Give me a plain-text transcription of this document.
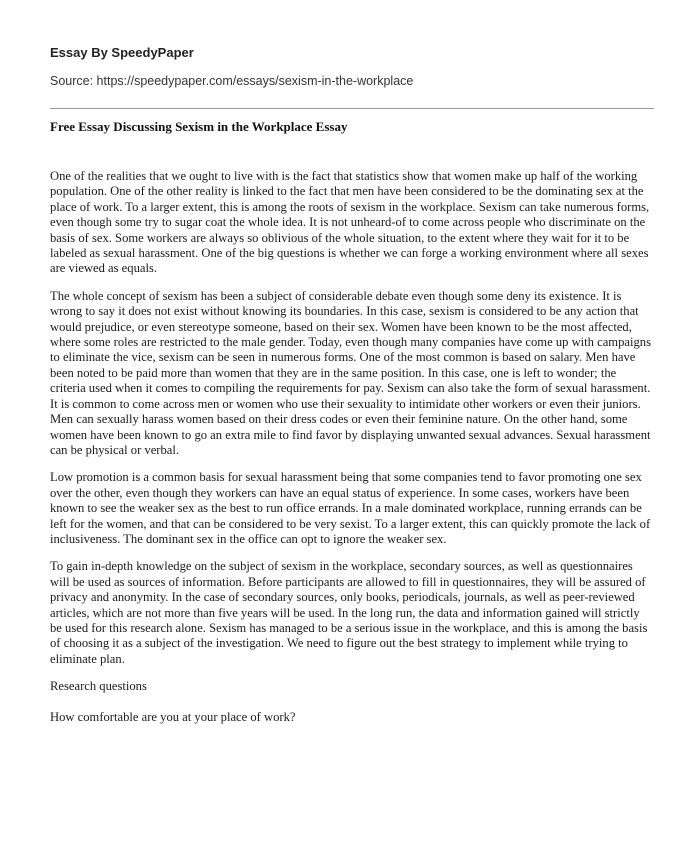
Essay By SpeedyPaper
Source: https://speedypaper.com/essays/sexism-in-the-workplace
Free Essay Discussing Sexism in the Workplace Essay

One of the realities that we ought to live with is the fact that statistics show that women make up half of the working population. One of the other reality is linked to the fact that men have been considered to be the dominating sex at the place of work. To a larger extent, this is among the roots of sexism in the workplace. Sexism can take numerous forms, even though some try to sugar coat the whole idea. It is not unheard-of to come across people who discriminate on the basis of sex. Some workers are always so oblivious of the whole situation, to the extent where they wait for it to be labeled as sexual harassment. One of the big questions is whether we can forge a working environment where all sexes are viewed as equals.

The whole concept of sexism has been a subject of considerable debate even though some deny its existence. It is wrong to say it does not exist without knowing its boundaries. In this case, sexism is considered to be any action that would prejudice, or even stereotype someone, based on their sex. Women have been known to be the most affected, where some roles are restricted to the male gender. Today, even though many companies have come up with campaigns to eliminate the vice, sexism can be seen in numerous forms. One of the most common is based on salary. Men have been noted to be paid more than women that they are in the same position. In this case, one is left to wonder; the criteria used when it comes to compiling the requirements for pay. Sexism can also take the form of sexual harassment. It is common to come across men or women who use their sexuality to intimidate other workers or even their juniors. Men can sexually harass women based on their dress codes or even their feminine nature. On the other hand, some women have been known to go an extra mile to find favor by displaying unwanted sexual advances. Sexual harassment can be physical or verbal.

Low promotion is a common basis for sexual harassment being that some companies tend to favor promoting one sex over the other, even though they workers can have an equal status of experience. In some cases, workers have been known to see the weaker sex as the best to run office errands. In a male dominated workplace, running errands can be left for the women, and that can be considered to be very sexist. To a larger extent, this can quickly promote the lack of inclusiveness. The dominant sex in the office can opt to ignore the weaker sex.

To gain in-depth knowledge on the subject of sexism in the workplace, secondary sources, as well as questionnaires will be used as sources of information. Before participants are allowed to fill in questionnaires, they will be assured of privacy and anonymity. In the case of secondary sources, only books, periodicals, journals, as well as peer-reviewed articles, which are not more than five years will be used. In the long run, the data and information gained will strictly be used for this research alone. Sexism has managed to be a serious issue in the workplace, and this is among the basis of choosing it as a subject of the investigation. We need to figure out the best strategy to implement while trying to eliminate plan.

Research questions

How comfortable are you at your place of work?
